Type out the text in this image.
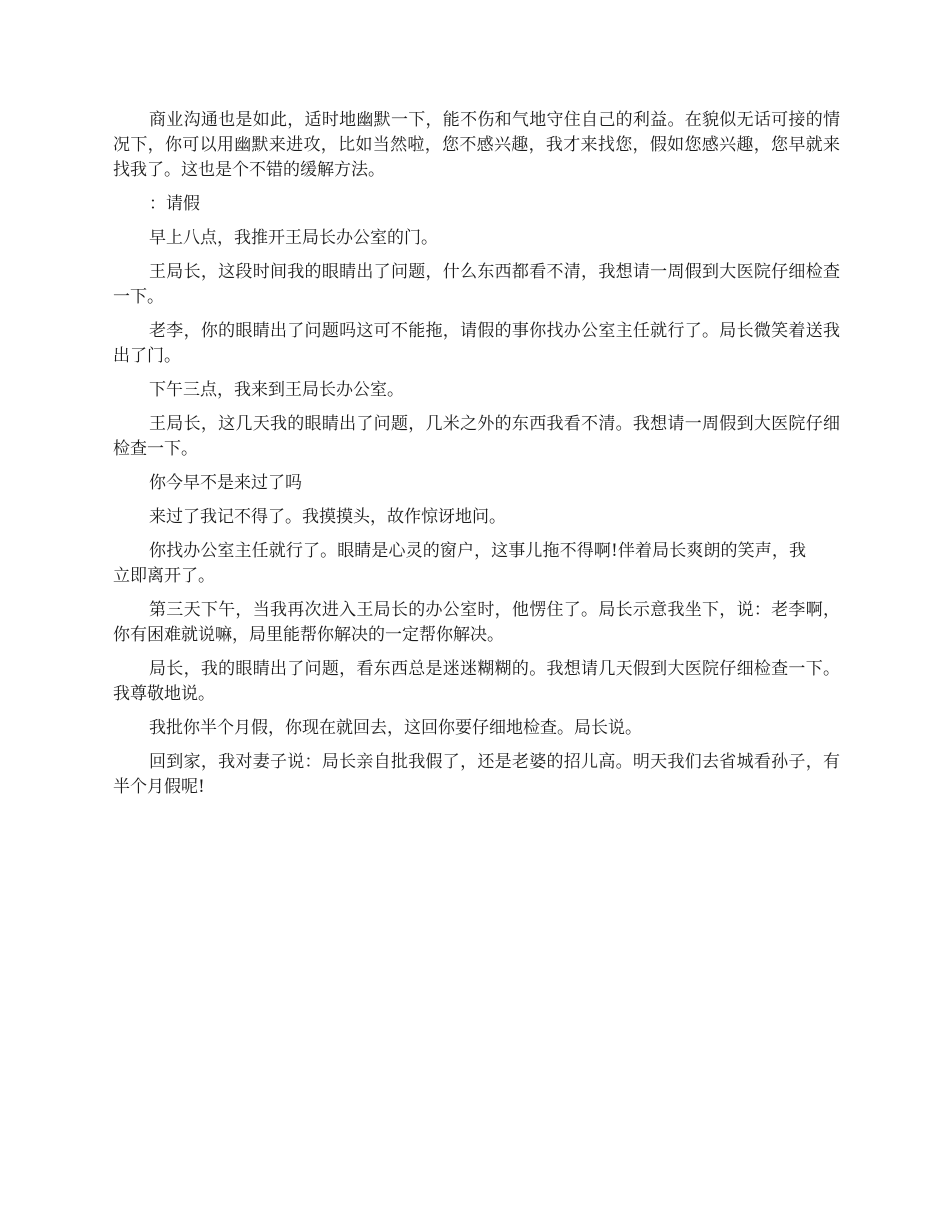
商业沟通也是如此，适时地幽默一下，能不伤和气地守住自己的利益。在貌似无话可接的情况下，你可以用幽默来进攻，比如当然啦，您不感兴趣，我才来找您，假如您感兴趣，您早就来找我了。这也是个不错的缓解方法。

：请假

早上八点，我推开王局长办公室的门。

王局长，这段时间我的眼睛出了问题，什么东西都看不清，我想请一周假到大医院仔细检查一下。

老李，你的眼睛出了问题吗这可不能拖，请假的事你找办公室主任就行了。局长微笑着送我出了门。

下午三点，我来到王局长办公室。

王局长，这几天我的眼睛出了问题，几米之外的东西我看不清。我想请一周假到大医院仔细检查一下。

你今早不是来过了吗

来过了我记不得了。我摸摸头，故作惊讶地问。

你找办公室主任就行了。眼睛是心灵的窗户，这事儿拖不得啊!伴着局长爽朗的笑声，我立即离开了。

第三天下午，当我再次进入王局长的办公室时，他愣住了。局长示意我坐下，说：老李啊，你有困难就说嘛，局里能帮你解决的一定帮你解决。

局长，我的眼睛出了问题，看东西总是迷迷糊糊的。我想请几天假到大医院仔细检查一下。我尊敬地说。

我批你半个月假，你现在就回去，这回你要仔细地检查。局长说。

回到家，我对妻子说：局长亲自批我假了，还是老婆的招儿高。明天我们去省城看孙子，有半个月假呢!
